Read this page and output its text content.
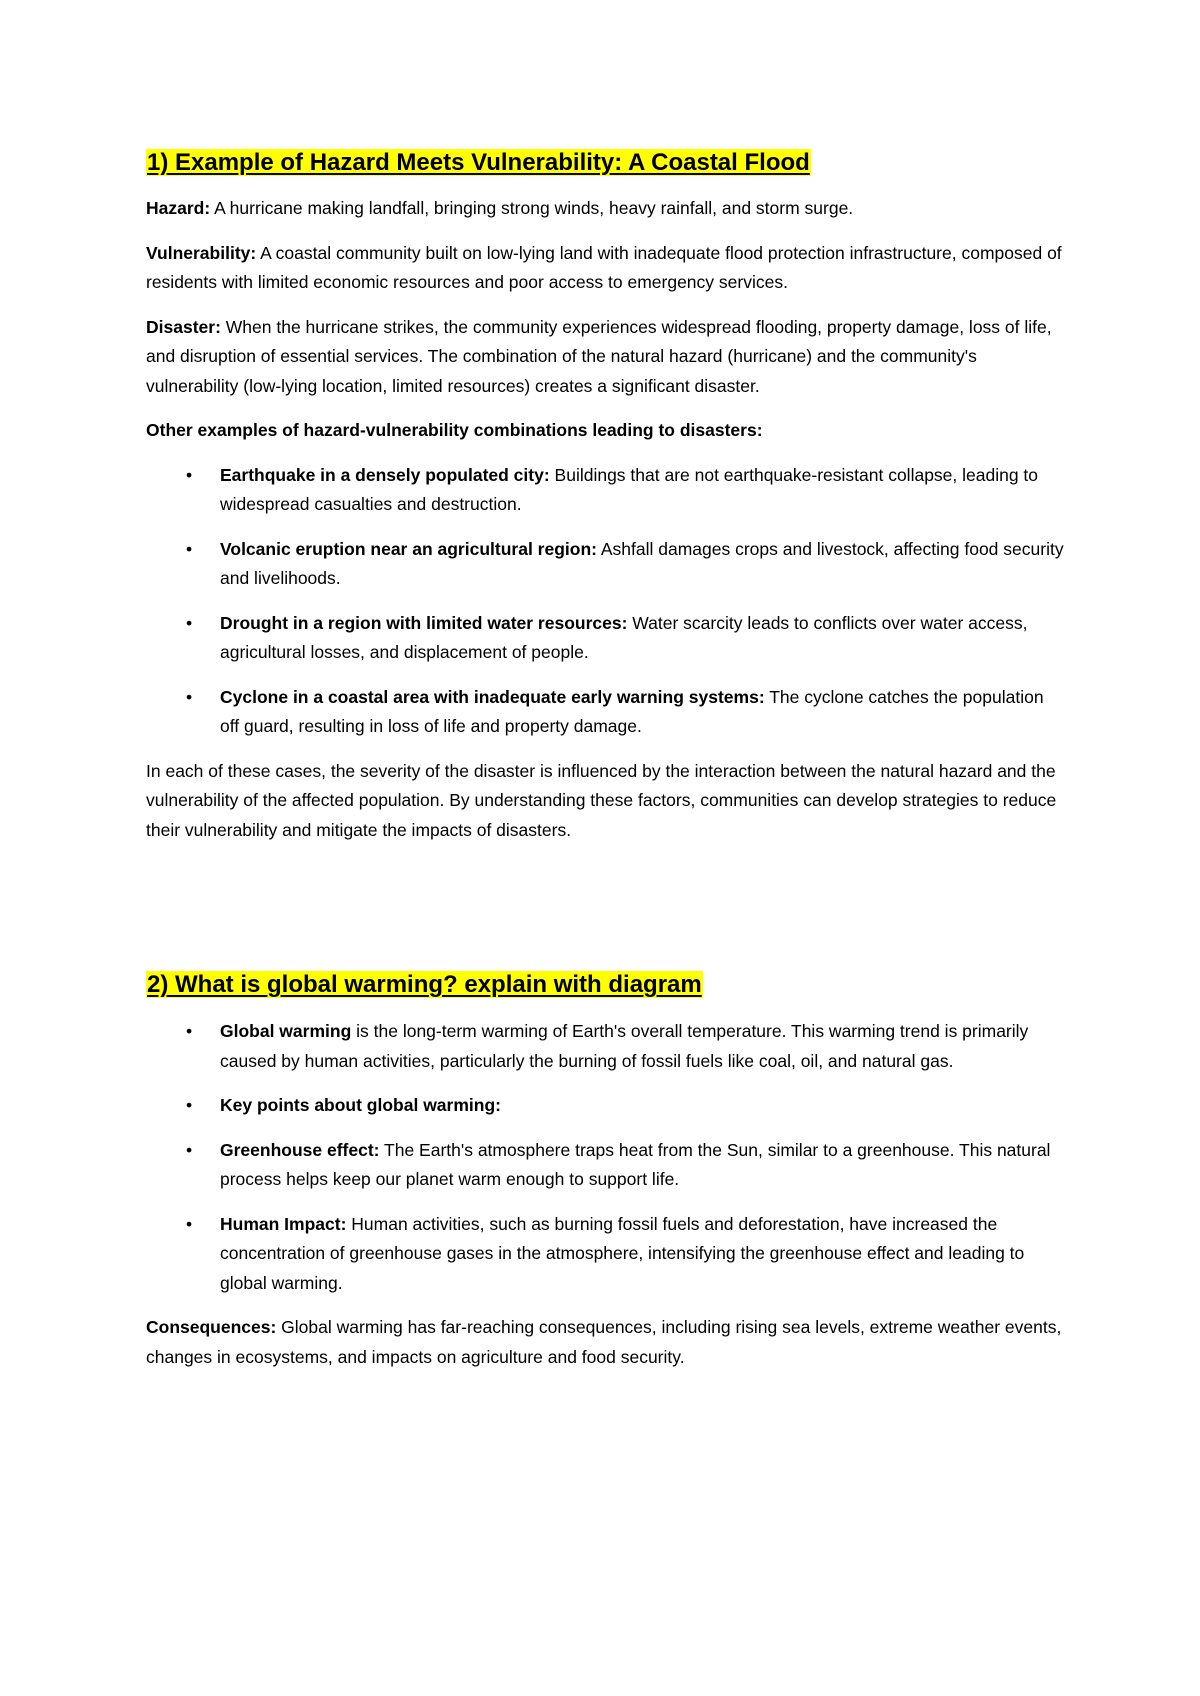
1) Example of Hazard Meets Vulnerability: A Coastal Flood

Hazard: A hurricane making landfall, bringing strong winds, heavy rainfall, and storm surge.

Vulnerability: A coastal community built on low-lying land with inadequate flood protection infrastructure, composed of residents with limited economic resources and poor access to emergency services.

Disaster: When the hurricane strikes, the community experiences widespread flooding, property damage, loss of life, and disruption of essential services. The combination of the natural hazard (hurricane) and the community's vulnerability (low-lying location, limited resources) creates a significant disaster.

Other examples of hazard-vulnerability combinations leading to disasters:

• Earthquake in a densely populated city: Buildings that are not earthquake-resistant collapse, leading to widespread casualties and destruction.
• Volcanic eruption near an agricultural region: Ashfall damages crops and livestock, affecting food security and livelihoods.
• Drought in a region with limited water resources: Water scarcity leads to conflicts over water access, agricultural losses, and displacement of people.
• Cyclone in a coastal area with inadequate early warning systems: The cyclone catches the population off guard, resulting in loss of life and property damage.

In each of these cases, the severity of the disaster is influenced by the interaction between the natural hazard and the vulnerability of the affected population. By understanding these factors, communities can develop strategies to reduce their vulnerability and mitigate the impacts of disasters.

2) What is global warming? explain with diagram
• Global warming is the long-term warming of Earth's overall temperature. This warming trend is primarily caused by human activities, particularly the burning of fossil fuels like coal, oil, and natural gas.
• Key points about global warming:
• Greenhouse effect: The Earth's atmosphere traps heat from the Sun, similar to a greenhouse. This natural process helps keep our planet warm enough to support life.
• Human Impact: Human activities, such as burning fossil fuels and deforestation, have increased the concentration of greenhouse gases in the atmosphere, intensifying the greenhouse effect and leading to global warming.

Consequences: Global warming has far-reaching consequences, including rising sea levels, extreme weather events, changes in ecosystems, and impacts on agriculture and food security.
